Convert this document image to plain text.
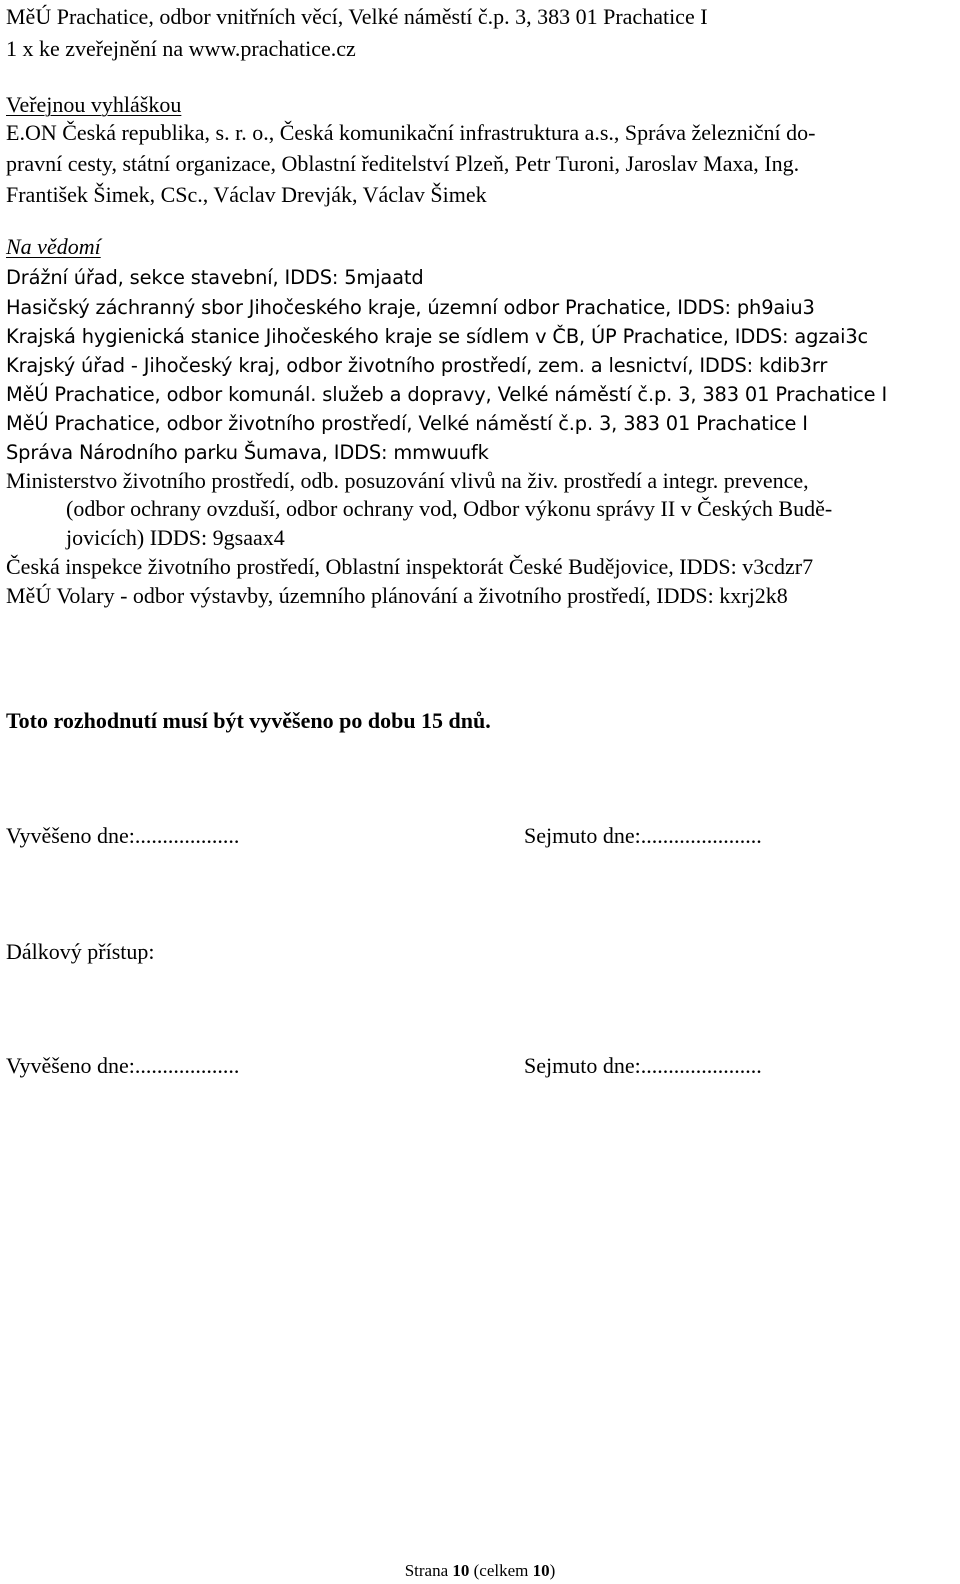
MěÚ Prachatice, odbor vnitřních věcí, Velké náměstí č.p. 3, 383 01 Prachatice I
1 x ke zveřejnění na www.prachatice.cz
Veřejnou vyhláškou
E.ON Česká republika, s. r. o., Česká komunikační infrastruktura a.s., Správa železniční do-
pravní cesty, státní organizace, Oblastní ředitelství Plzeň, Petr Turoni, Jaroslav Maxa, Ing.
František Šimek, CSc., Václav Drevják, Václav Šimek
Na vědomí
Drážní úřad, sekce stavební, IDDS: 5mjaatd
Hasičský záchranný sbor Jihočeského kraje, územní odbor Prachatice, IDDS: ph9aiu3
Krajská hygienická stanice Jihočeského kraje se sídlem v ČB, ÚP Prachatice, IDDS: agzai3c
Krajský úřad - Jihočeský kraj, odbor životního prostředí, zem. a lesnictví, IDDS: kdib3rr
MěÚ Prachatice, odbor komunál. služeb a dopravy, Velké náměstí č.p. 3, 383 01 Prachatice I
MěÚ Prachatice, odbor životního prostředí, Velké náměstí č.p. 3, 383 01 Prachatice I
Správa Národního parku Šumava, IDDS: mmwuufk
Ministerstvo životního prostředí, odb. posuzování vlivů na živ. prostředí a integr. prevence,
(odbor ochrany ovzduší, odbor ochrany vod, Odbor výkonu správy II v Českých Budě-
jovicích) IDDS: 9gsaax4
Česká inspekce životního prostředí, Oblastní inspektorát České Budějovice, IDDS: v3cdzr7
MěÚ Volary - odbor výstavby, územního plánování a životního prostředí, IDDS: kxrj2k8
Toto rozhodnutí musí být vyvěšeno po dobu 15 dnů.
Vyvěšeno dne:...................	Sejmuto dne:......................
Dálkový přístup:
Vyvěšeno dne:...................	Sejmuto dne:......................
Strana 10 (celkem 10)
